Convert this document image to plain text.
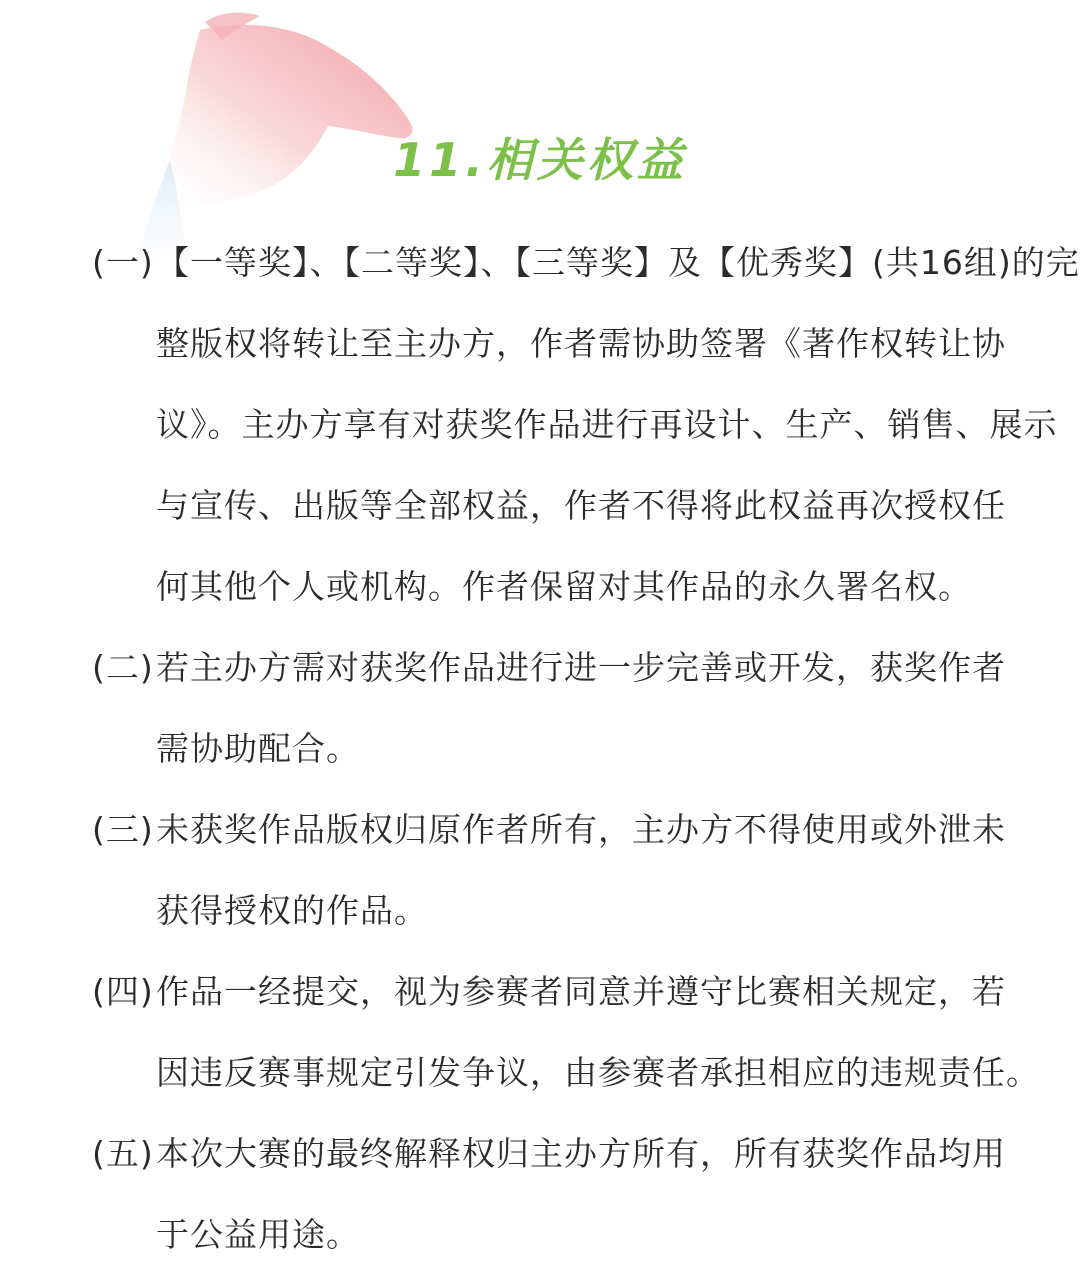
11.相关权益
(一) 【一等奖】、【二等奖】、【三等奖】及【优秀奖】(共16组)的完
整版权将转让至主办方，作者需协助签署《著作权转让协
议》。主办方享有对获奖作品进行再设计、生产、销售、展示
与宣传、出版等全部权益，作者不得将此权益再次授权任
何其他个人或机构。作者保留对其作品的永久署名权。
(二) 若主办方需对获奖作品进行进一步完善或开发，获奖作者
需协助配合。
(三) 未获奖作品版权归原作者所有，主办方不得使用或外泄未
获得授权的作品。
(四) 作品一经提交，视为参赛者同意并遵守比赛相关规定，若
因违反赛事规定引发争议，由参赛者承担相应的违规责任。
(五) 本次大赛的最终解释权归主办方所有，所有获奖作品均用
于公益用途。
